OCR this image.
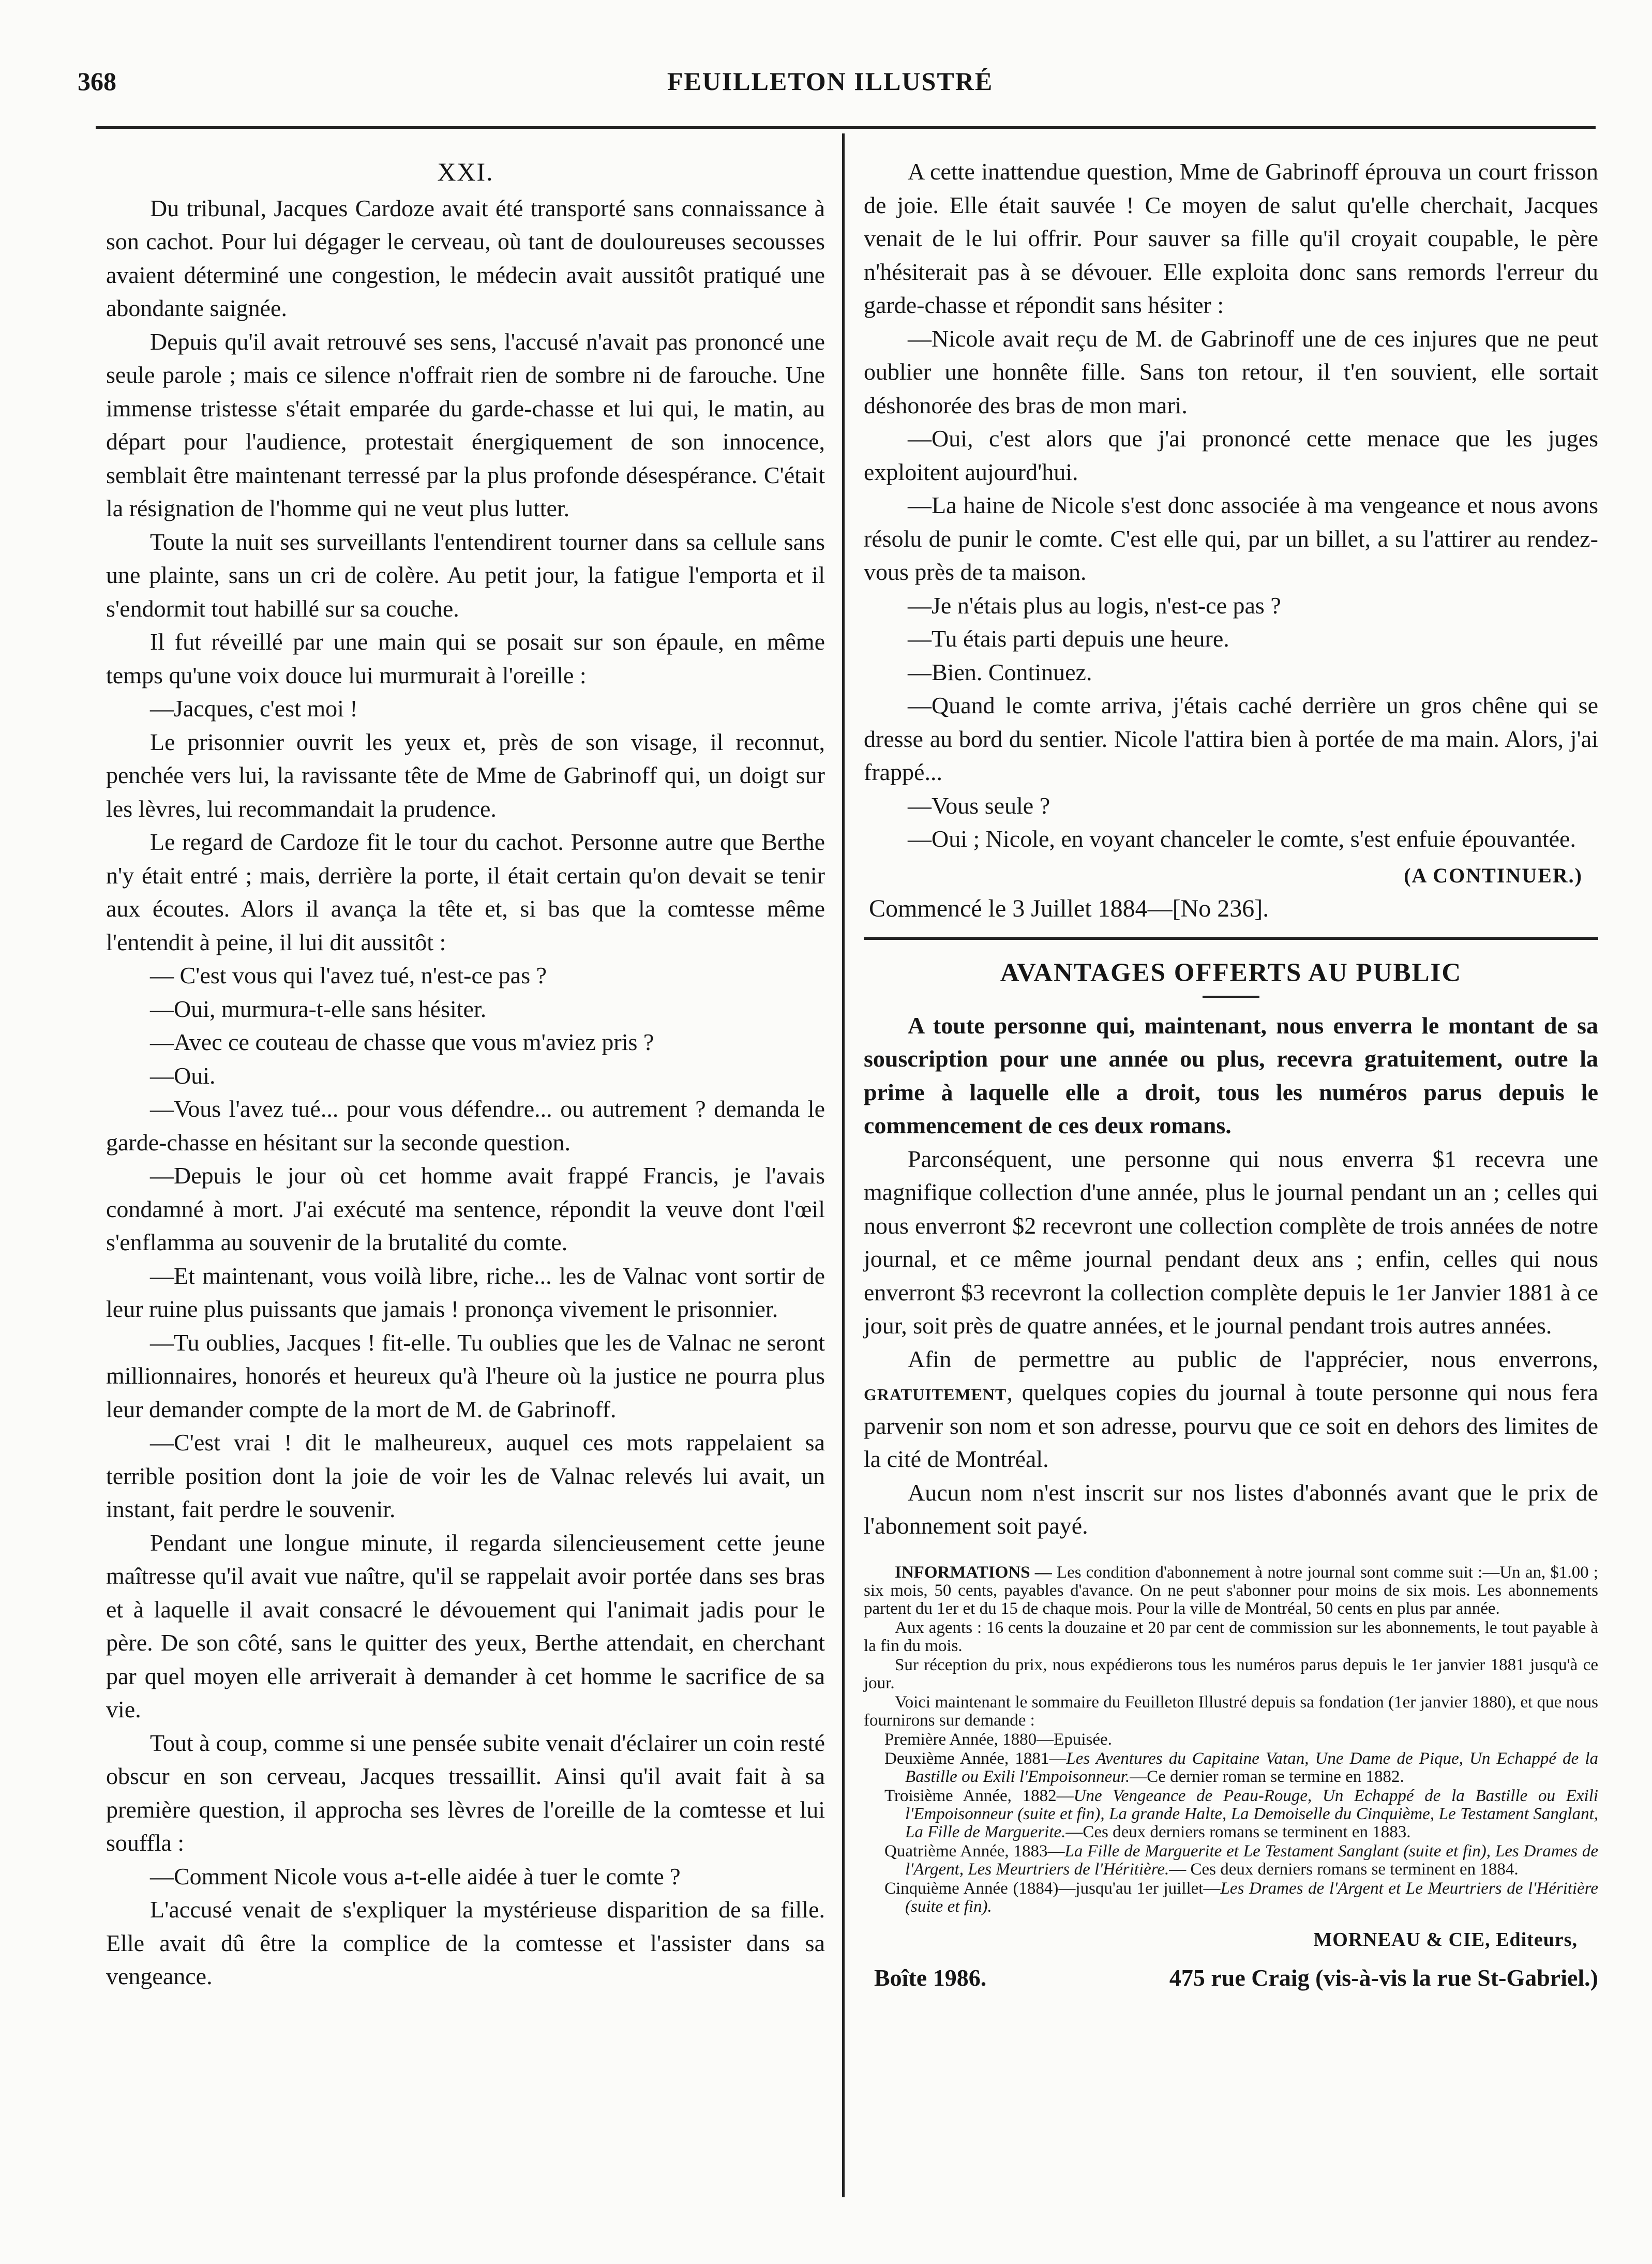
368	FEUILLETON ILLUSTRÉ
XXI.

Du tribunal, Jacques Cardoze avait été transporté sans connaissance à son cachot. Pour lui dégager le cerveau, où tant de douloureuses secousses avaient déterminé une congestion, le médecin avait aussitôt pratiqué une abondante saignée.

Depuis qu'il avait retrouvé ses sens, l'accusé n'avait pas prononcé une seule parole ; mais ce silence n'offrait rien de sombre ni de farouche. Une immense tristesse s'était emparée du garde-chasse et lui qui, le matin, au départ pour l'audience, protestait énergiquement de son innocence, semblait être maintenant terressé par la plus profonde désespérance. C'était la résignation de l'homme qui ne veut plus lutter.

Toute la nuit ses surveillants l'entendirent tourner dans sa cellule sans une plainte, sans un cri de colère. Au petit jour, la fatigue l'emporta et il s'endormit tout habillé sur sa couche.

Il fut réveillé par une main qui se posait sur son épaule, en même temps qu'une voix douce lui murmurait à l'oreille :

—Jacques, c'est moi !

Le prisonnier ouvrit les yeux et, près de son visage, il reconnut, penchée vers lui, la ravissante tête de Mme de Gabrinoff qui, un doigt sur les lèvres, lui recommandait la prudence.

Le regard de Cardoze fit le tour du cachot. Personne autre que Berthe n'y était entré ; mais, derrière la porte, il était certain qu'on devait se tenir aux écoutes. Alors il avança la tête et, si bas que la comtesse même l'entendit à peine, il lui dit aussitôt :

— C'est vous qui l'avez tué, n'est-ce pas ?

—Oui, murmura-t-elle sans hésiter.

—Avec ce couteau de chasse que vous m'aviez pris ?

—Oui.

—Vous l'avez tué... pour vous défendre... ou autrement ? demanda le garde-chasse en hésitant sur la seconde question.

—Depuis le jour où cet homme avait frappé Francis, je l'avais condamné à mort. J'ai exécuté ma sentence, répondit la veuve dont l'œil s'enflamma au souvenir de la brutalité du comte.

—Et maintenant, vous voilà libre, riche... les de Valnac vont sortir de leur ruine plus puissants que jamais ! prononça vivement le prisonnier.

—Tu oublies, Jacques ! fit-elle. Tu oublies que les de Valnac ne seront millionnaires, honorés et heureux qu'à l'heure où la justice ne pourra plus leur demander compte de la mort de M. de Gabrinoff.

—C'est vrai ! dit le malheureux, auquel ces mots rappelaient sa terrible position dont la joie de voir les de Valnac relevés lui avait, un instant, fait perdre le souvenir.

Pendant une longue minute, il regarda silencieusement cette jeune maîtresse qu'il avait vue naître, qu'il se rappelait avoir portée dans ses bras et à laquelle il avait consacré le dévouement qui l'animait jadis pour le père. De son côté, sans le quitter des yeux, Berthe attendait, en cherchant par quel moyen elle arriverait à demander à cet homme le sacrifice de sa vie.

Tout à coup, comme si une pensée subite venait d'éclairer un coin resté obscur en son cerveau, Jacques tressaillit. Ainsi qu'il avait fait à sa première question, il approcha ses lèvres de l'oreille de la comtesse et lui souffla :

—Comment Nicole vous a-t-elle aidée à tuer le comte ?

L'accusé venait de s'expliquer la mystérieuse disparition de sa fille. Elle avait dû être la complice de la comtesse et l'assister dans sa vengeance.

A cette inattendue question, Mme de Gabrinoff éprouva un court frisson de joie. Elle était sauvée ! Ce moyen de salut qu'elle cherchait, Jacques venait de le lui offrir. Pour sauver sa fille qu'il croyait coupable, le père n'hésiterait pas à se dévouer. Elle exploita donc sans remords l'erreur du garde-chasse et répondit sans hésiter :

—Nicole avait reçu de M. de Gabrinoff une de ces injures que ne peut oublier une honnête fille. Sans ton retour, il t'en souvient, elle sortait déshonorée des bras de mon mari.

—Oui, c'est alors que j'ai prononcé cette menace que les juges exploitent aujourd'hui.

—La haine de Nicole s'est donc associée à ma vengeance et nous avons résolu de punir le comte. C'est elle qui, par un billet, a su l'attirer au rendez-vous près de ta maison.

—Je n'étais plus au logis, n'est-ce pas ?

—Tu étais parti depuis une heure.

—Bien. Continuez.

—Quand le comte arriva, j'étais caché derrière un gros chêne qui se dresse au bord du sentier. Nicole l'attira bien à portée de ma main. Alors, j'ai frappé...

—Vous seule ?

—Oui ; Nicole, en voyant chanceler le comte, s'est enfuie épouvantée.

(A CONTINUER.)

Commencé le 3 Juillet 1884—[No 236].

AVANTAGES OFFERTS AU PUBLIC

A toute personne qui, maintenant, nous enverra le montant de sa souscription pour une année ou plus, recevra gratuitement, outre la prime à laquelle elle a droit, tous les numéros parus depuis le commencement de ces deux romans.

Parconséquent, une personne qui nous enverra $1 recevra une magnifique collection d'une année, plus le journal pendant un an ; celles qui nous enverront $2 recevront une collection complète de trois années de notre journal, et ce même journal pendant deux ans ; enfin, celles qui nous enverront $3 recevront la collection complète depuis le 1er Janvier 1881 à ce jour, soit près de quatre années, et le journal pendant trois autres années.

Afin de permettre au public de l'apprécier, nous enverrons, gratuitement, quelques copies du journal à toute personne qui nous fera parvenir son nom et son adresse, pourvu que ce soit en dehors des limites de la cité de Montréal.

Aucun nom n'est inscrit sur nos listes d'abonnés avant que le prix de l'abonnement soit payé.

INFORMATIONS — Les condition d'abonnement à notre journal sont comme suit :—Un an, $1.00 ; six mois, 50 cents, payables d'avance. On ne peut s'abonner pour moins de six mois. Les abonnements partent du 1er et du 15 de chaque mois. Pour la ville de Montréal, 50 cents en plus par année.

Aux agents : 16 cents la douzaine et 20 par cent de commission sur les abonnements, le tout payable à la fin du mois.

Sur réception du prix, nous expédierons tous les numéros parus depuis le 1er janvier 1881 jusqu'à ce jour.

Voici maintenant le sommaire du Feuilleton Illustré depuis sa fondation (1er janvier 1880), et que nous fournirons sur demande :

Première Année, 1880—Epuisée.

Deuxième Année, 1881—Les Aventures du Capitaine Vatan, Une Dame de Pique, Un Echappé de la Bastille ou Exili l'Empoisonneur.—Ce dernier roman se termine en 1882.

Troisième Année, 1882—Une Vengeance de Peau-Rouge, Un Echappé de la Bastille ou Exili l'Empoisonneur (suite et fin), La grande Halte, La Demoiselle du Cinquième, Le Testament Sanglant, La Fille de Marguerite.—Ces deux derniers romans se terminent en 1883.

Quatrième Année, 1883—La Fille de Marguerite et Le Testament Sanglant (suite et fin), Les Drames de l'Argent, Les Meurtriers de l'Héritière.— Ces deux derniers romans se terminent en 1884.

Cinquième Année (1884)—jusqu'au 1er juillet—Les Drames de l'Argent et Le Meurtriers de l'Héritière (suite et fin).

MORNEAU & CIE, Editeurs,

Boîte 1986.	475 rue Craig (vis-à-vis la rue St-Gabriel.)
